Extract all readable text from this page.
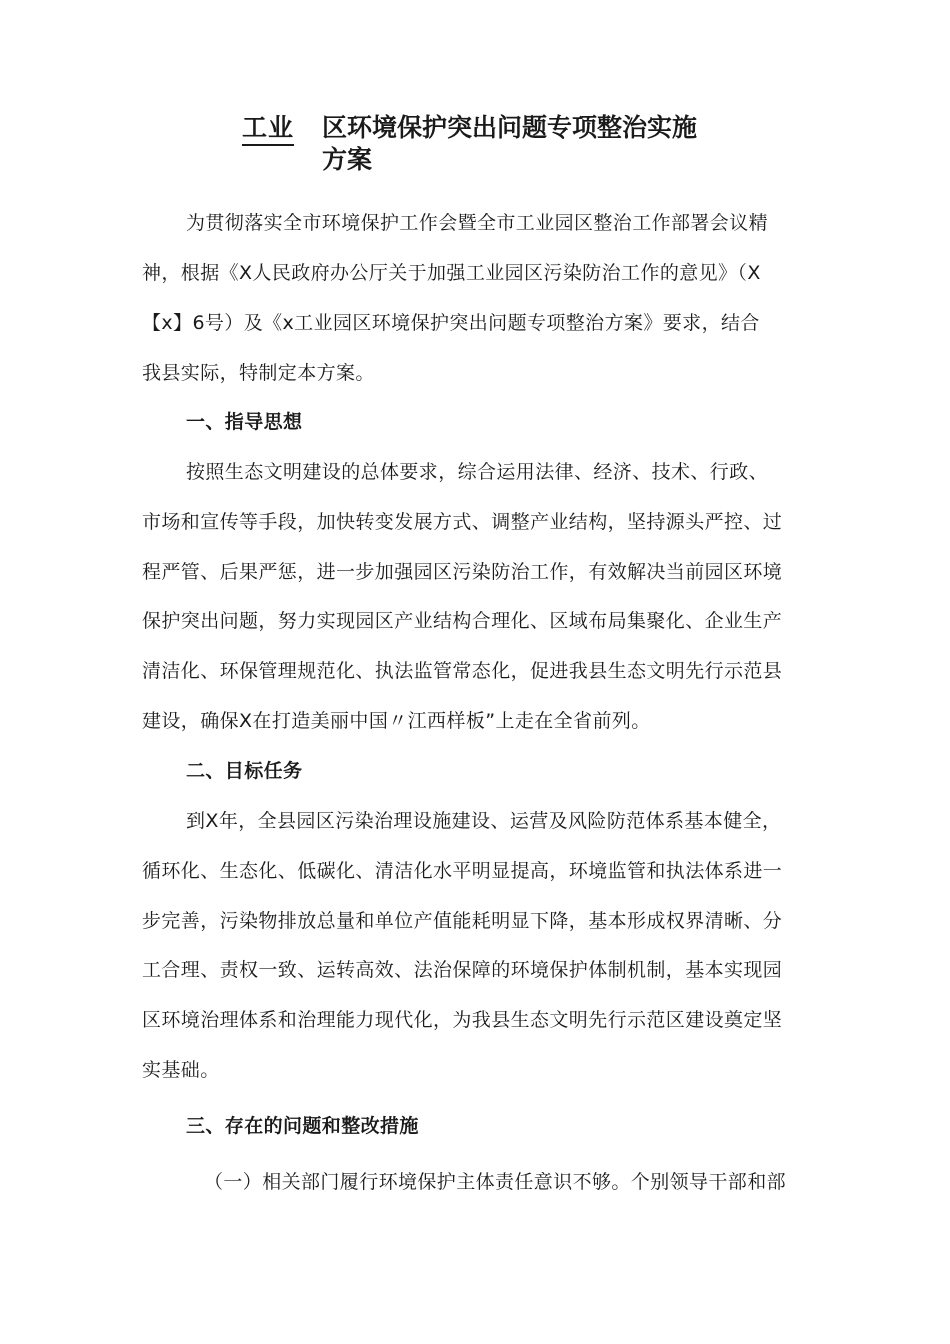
工业 区环境保护突出问题专项整治实施
方案
为贯彻落实全市环境保护工作会暨全市工业园区整治工作部署会议精
神，根据《X人民政府办公厅关于加强工业园区污染防治工作的意见》（X
【x】6号）及《x工业园区环境保护突出问题专项整治方案》要求，结合
我县实际，特制定本方案。
一、指导思想
按照生态文明建设的总体要求，综合运用法律、经济、技术、行政、
市场和宣传等手段，加快转变发展方式、调整产业结构，坚持源头严控、过
程严管、后果严惩，进一步加强园区污染防治工作，有效解决当前园区环境
保护突出问题，努力实现园区产业结构合理化、区域布局集聚化、企业生产
清洁化、环保管理规范化、执法监管常态化，促进我县生态文明先行示范县
建设，确保X在打造美丽中国〃江西样板”上走在全省前列。
二、目标任务
到X年，全县园区污染治理设施建设、运营及风险防范体系基本健全，
循环化、生态化、低碳化、清洁化水平明显提高，环境监管和执法体系进一
步完善，污染物排放总量和单位产值能耗明显下降，基本形成权界清晰、分
工合理、责权一致、运转高效、法治保障的环境保护体制机制，基本实现园
区环境治理体系和治理能力现代化，为我县生态文明先行示范区建设奠定坚
实基础。
三、存在的问题和整改措施
（一）相关部门履行环境保护主体责任意识不够。个别领导干部和部
